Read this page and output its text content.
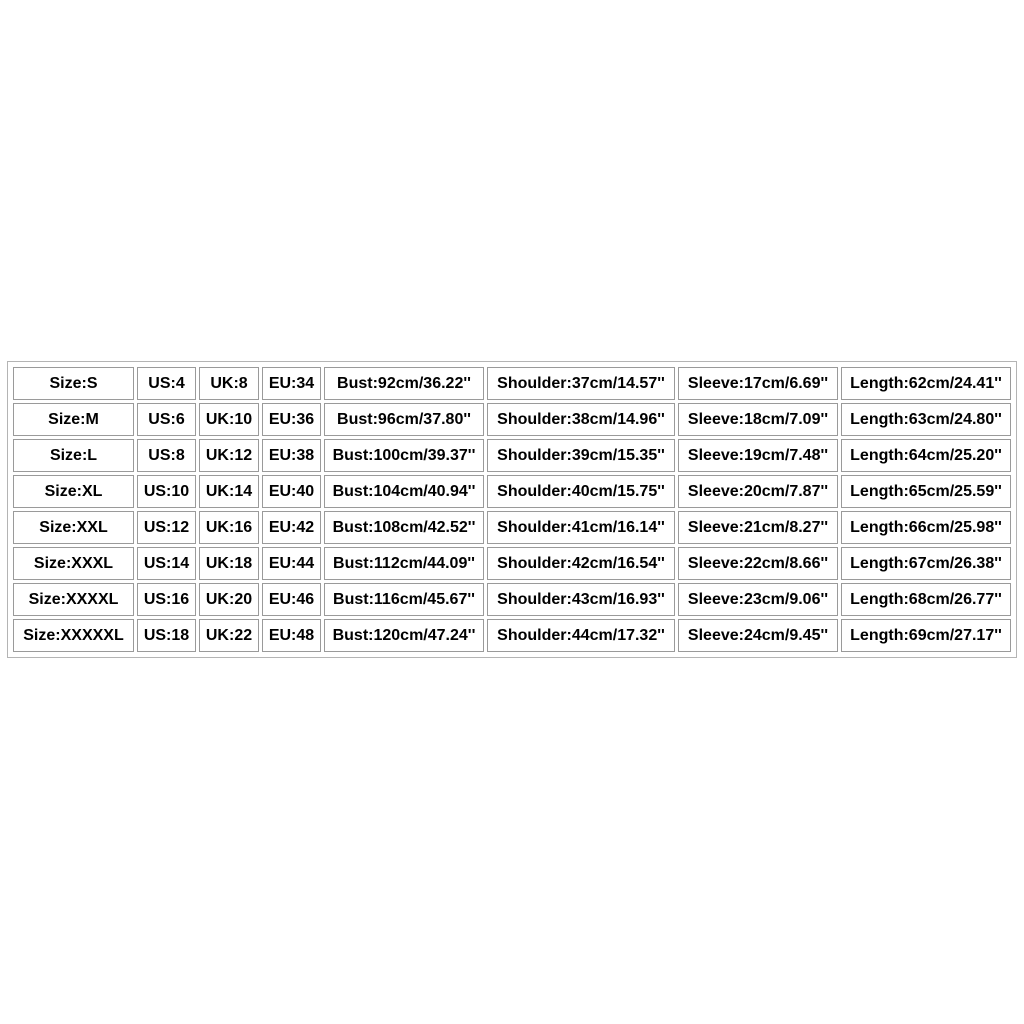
Size:S	US:4	UK:8	EU:34	Bust:92cm/36.22''	Shoulder:37cm/14.57''	Sleeve:17cm/6.69''	Length:62cm/24.41''
Size:M	US:6	UK:10	EU:36	Bust:96cm/37.80''	Shoulder:38cm/14.96''	Sleeve:18cm/7.09''	Length:63cm/24.80''
Size:L	US:8	UK:12	EU:38	Bust:100cm/39.37''	Shoulder:39cm/15.35''	Sleeve:19cm/7.48''	Length:64cm/25.20''
Size:XL	US:10	UK:14	EU:40	Bust:104cm/40.94''	Shoulder:40cm/15.75''	Sleeve:20cm/7.87''	Length:65cm/25.59''
Size:XXL	US:12	UK:16	EU:42	Bust:108cm/42.52''	Shoulder:41cm/16.14''	Sleeve:21cm/8.27''	Length:66cm/25.98''
Size:XXXL	US:14	UK:18	EU:44	Bust:112cm/44.09''	Shoulder:42cm/16.54''	Sleeve:22cm/8.66''	Length:67cm/26.38''
Size:XXXXL	US:16	UK:20	EU:46	Bust:116cm/45.67''	Shoulder:43cm/16.93''	Sleeve:23cm/9.06''	Length:68cm/26.77''
Size:XXXXXL	US:18	UK:22	EU:48	Bust:120cm/47.24''	Shoulder:44cm/17.32''	Sleeve:24cm/9.45''	Length:69cm/27.17''
